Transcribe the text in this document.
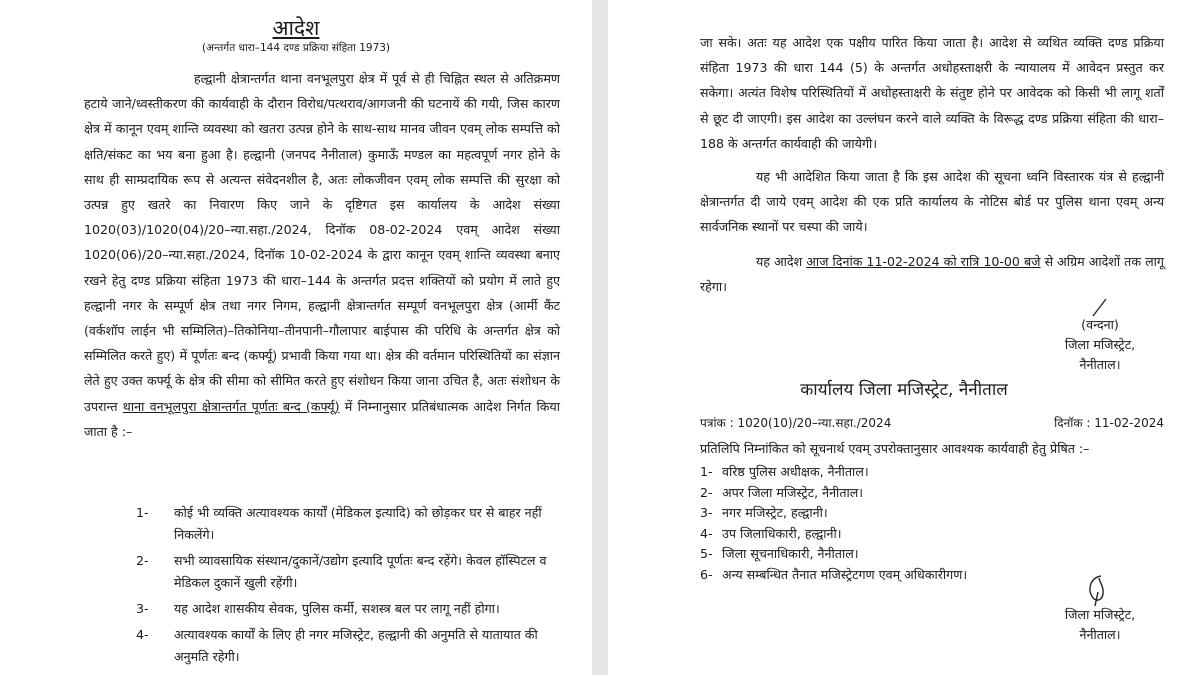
आदेश
(अन्तर्गत धारा–144 दण्ड प्रक्रिया संहिता 1973)

हल्द्वानी क्षेत्रान्तर्गत थाना वनभूलपुरा क्षेत्र में पूर्व से ही चिह्नित स्थल से अतिक्रमण हटाये जाने/ध्वस्तीकरण की कार्यवाही के दौरान विरोध/पत्थराव/आगजनी की घटनायें की गयी, जिस कारण क्षेत्र में कानून एवम् शान्ति व्यवस्था को खतरा उत्पन्न होने के साथ-साथ मानव जीवन एवम् लोक सम्पत्ति को क्षति/संकट का भय बना हुआ है। हल्द्वानी (जनपद नैनीताल) कुमाऊँ मण्डल का महत्वपूर्ण नगर होने के साथ ही साम्प्रदायिक रूप से अत्यन्त संवेदनशील है, अतः लोकजीवन एवम् लोक सम्पत्ति की सुरक्षा को उत्पन्न हुए खतरे का निवारण किए जाने के दृष्टिगत इस कार्यालय के आदेश संख्या 1020(03)/1020(04)/20–न्या.सहा./2024, दिनॉक 08-02-2024 एवम् आदेश संख्या 1020(06)/20–न्या.सहा./2024, दिनॉक 10-02-2024 के द्वारा कानून एवम् शान्ति व्यवस्था बनाए रखने हेतु दण्ड प्रक्रिया संहिता 1973 की धारा–144 के अन्तर्गत प्रदत्त शक्तियों को प्रयोग में लाते हुए हल्द्वानी नगर के सम्पूर्ण क्षेत्र तथा नगर निगम, हल्द्वानी क्षेत्रान्तर्गत सम्पूर्ण वनभूलपुरा क्षेत्र (आर्मी कैंट (वर्कशॉप लाईन भी सम्मिलित)–तिकोनिया–तीनपानी–गौलापार बाईपास की परिधि के अन्तर्गत क्षेत्र को सम्मिलित करते हुए) में पूर्णतः बन्द (कर्फ्यू) प्रभावी किया गया था। क्षेत्र की वर्तमान परिस्थितियों का संज्ञान लेते हुए उक्त कर्फ्यू के क्षेत्र की सीमा को सीमित करते हुए संशोधन किया जाना उचित है, अतः संशोधन के उपरान्त थाना वनभूलपुरा क्षेत्रान्तर्गत पूर्णतः बन्द (कर्फ्यू) में निम्नानुसार प्रतिबंधात्मक आदेश निर्गत किया जाता है :–

1- कोई भी व्यक्ति अत्यावश्यक कार्यों (मेडिकल इत्यादि) को छोड़कर घर से बाहर नहीं निकलेंगे।
2- सभी व्यावसायिक संस्थान/दुकानें/उद्योग इत्यादि पूर्णतः बन्द रहेंगे। केवल हॉस्पिटल व मेडिकल दुकानें खुली रहेंगी।
3- यह आदेश शासकीय सेवक, पुलिस कर्मी, सशस्त्र बल पर लागू नहीं होगा।
4- अत्यावश्यक कार्यों के लिए ही नगर मजिस्ट्रेट, हल्द्वानी की अनुमति से यातायात की अनुमति रहेगी।

जा सके। अतः यह आदेश एक पक्षीय पारित किया जाता है। आदेश से व्यथित व्यक्ति दण्ड प्रक्रिया संहिता 1973 की धारा 144 (5) के अन्तर्गत अधोहस्ताक्षरी के न्यायालय में आवेदन प्रस्तुत कर सकेगा। अत्यंत विशेष परिस्थितियों में अधोहस्ताक्षरी के संतुष्ट होने पर आवेदक को किसी भी लागू शर्तों से छूट दी जाएगी। इस आदेश का उल्लंघन करने वाले व्यक्ति के विरूद्ध दण्ड प्रक्रिया संहिता की धारा–188 के अन्तर्गत कार्यवाही की जायेगी।

यह भी आदेशित किया जाता है कि इस आदेश की सूचना ध्वनि विस्तारक यंत्र से हल्द्वानी क्षेत्रान्तर्गत दी जाये एवम् आदेश की एक प्रति कार्यालय के नोटिस बोर्ड पर पुलिस थाना एवम् अन्य सार्वजनिक स्थानों पर चस्पा की जाये।

यह आदेश आज दिनांक 11-02-2024 को रात्रि 10-00 बजे से अग्रिम आदेशों तक लागू रहेगा।

(वन्दना)
जिला मजिस्ट्रेट,
नैनीताल।
कार्यालय जिला मजिस्ट्रेट, नैनीताल
पत्रांक : 1020(10)/20–न्या.सहा./2024	दिनॉक : 11-02-2024
प्रतिलिपि निम्नांकित को सूचनार्थ एवम् उपरोक्तानुसार आवश्यक कार्यवाही हेतु प्रेषित :–
1- वरिष्ठ पुलिस अधीक्षक, नैनीताल।
2- अपर जिला मजिस्ट्रेट, नैनीताल।
3- नगर मजिस्ट्रेट, हल्द्वानी।
4- उप जिलाधिकारी, हल्द्वानी।
5- जिला सूचनाधिकारी, नैनीताल।
6- अन्य सम्बन्धित तैनात मजिस्ट्रेटगण एवम् अधिकारीगण।
जिला मजिस्ट्रेट,
नैनीताल।
